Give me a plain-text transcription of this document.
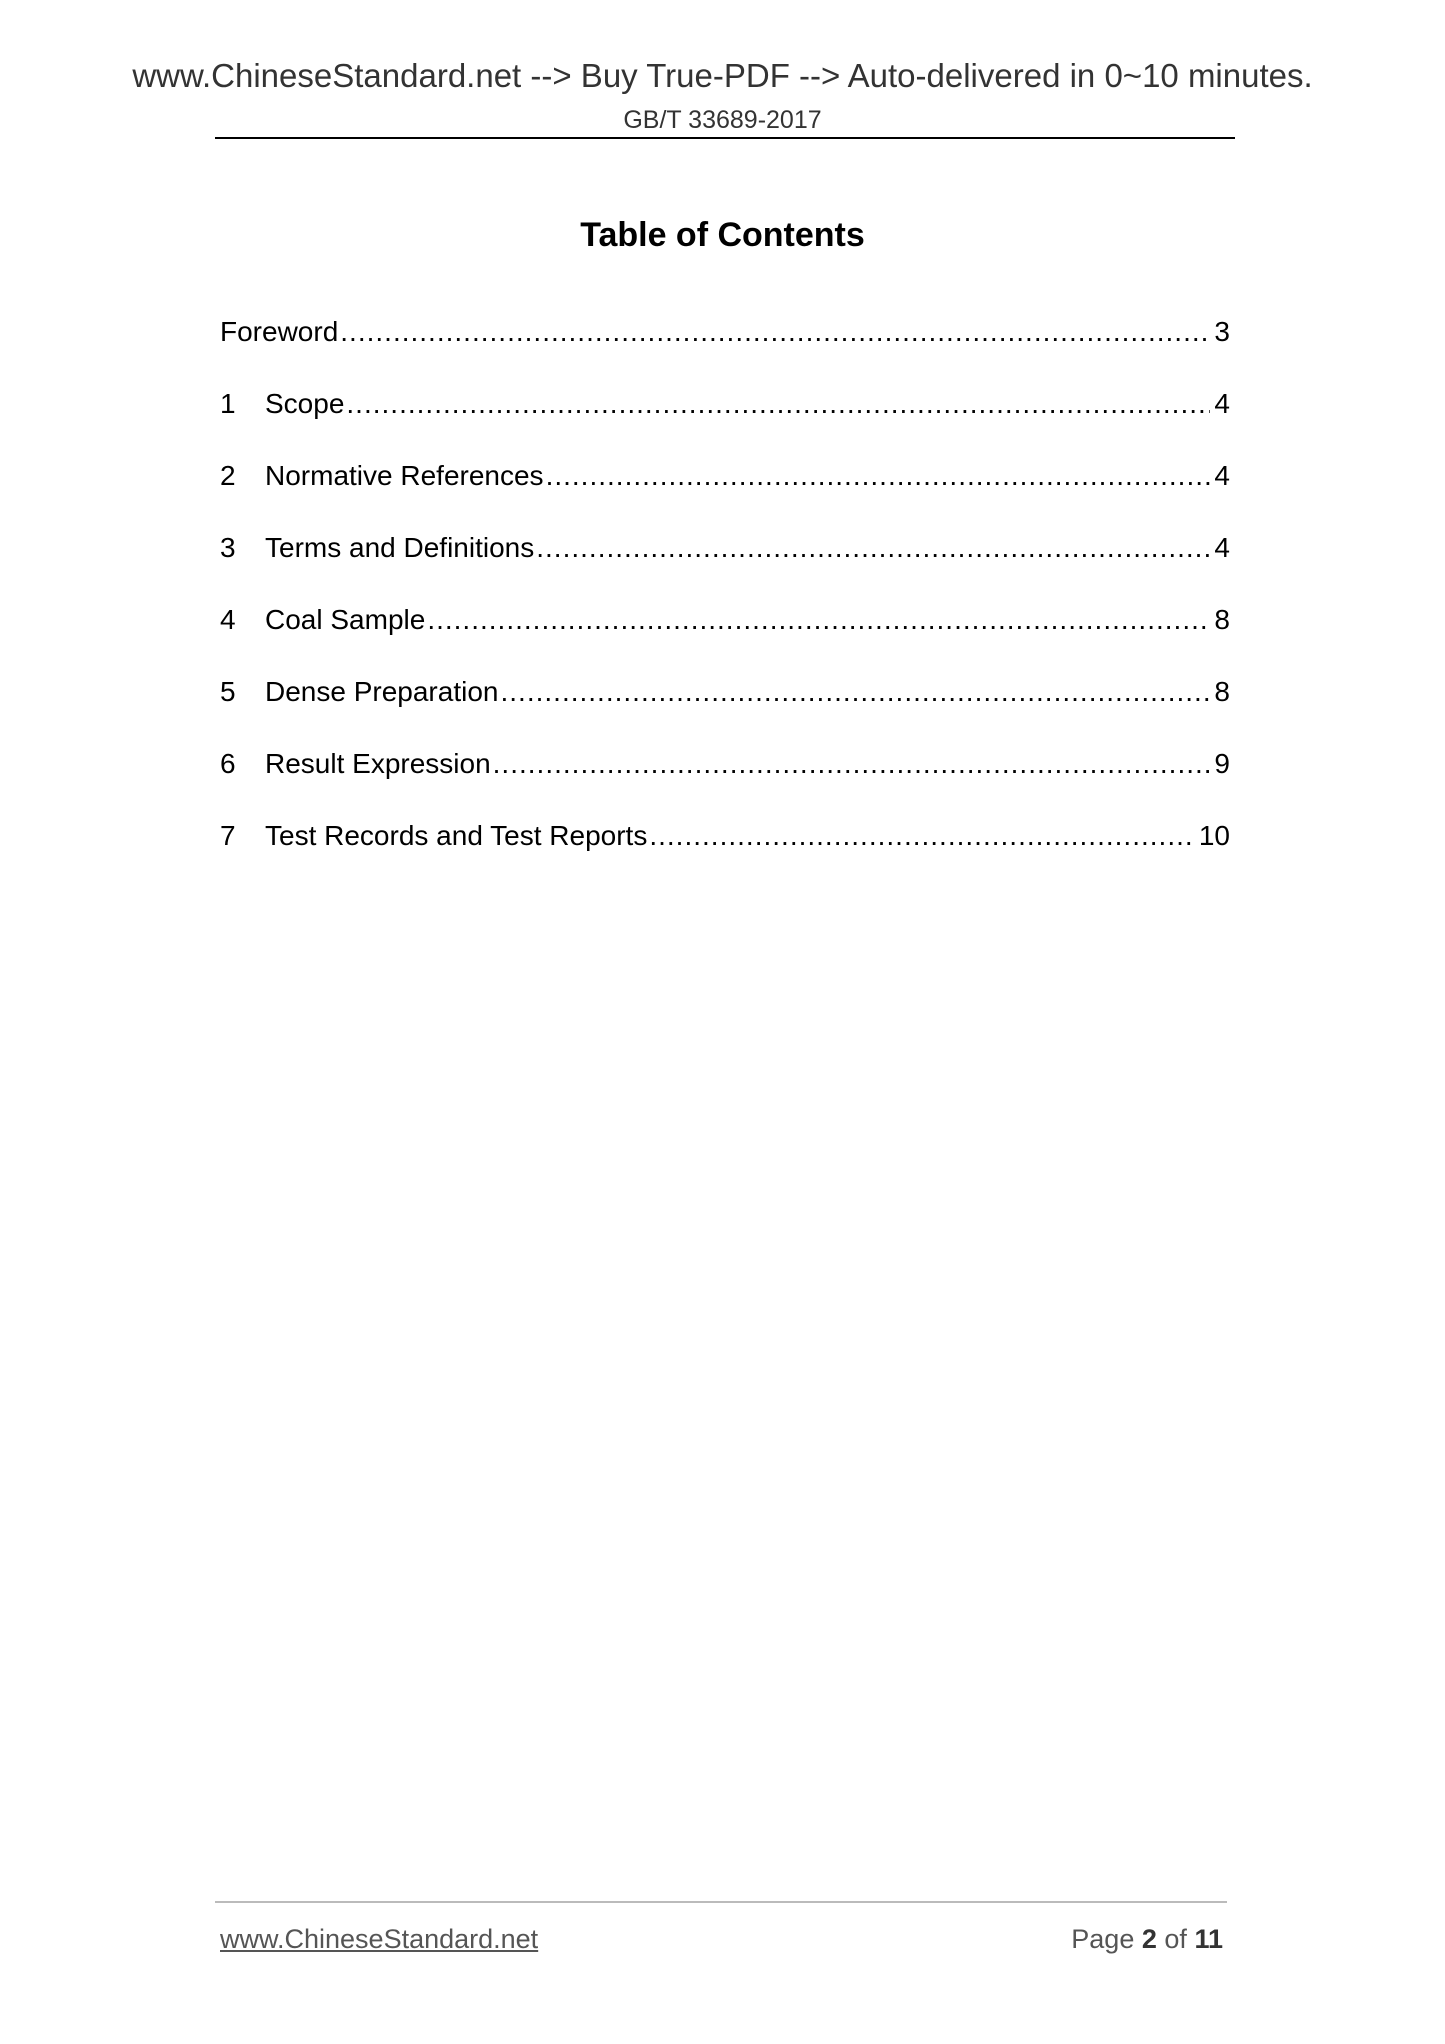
www.ChineseStandard.net --> Buy True-PDF --> Auto-delivered in 0~10 minutes.
GB/T 33689-2017
Table of Contents
Foreword .....	3
1	Scope .....	4
2	Normative References .....	4
3	Terms and Definitions .....	4
4	Coal Sample .....	8
5	Dense Preparation .....	8
6	Result Expression .....	9
7	Test Records and Test Reports .....	10
www.ChineseStandard.net	Page 2 of 11
